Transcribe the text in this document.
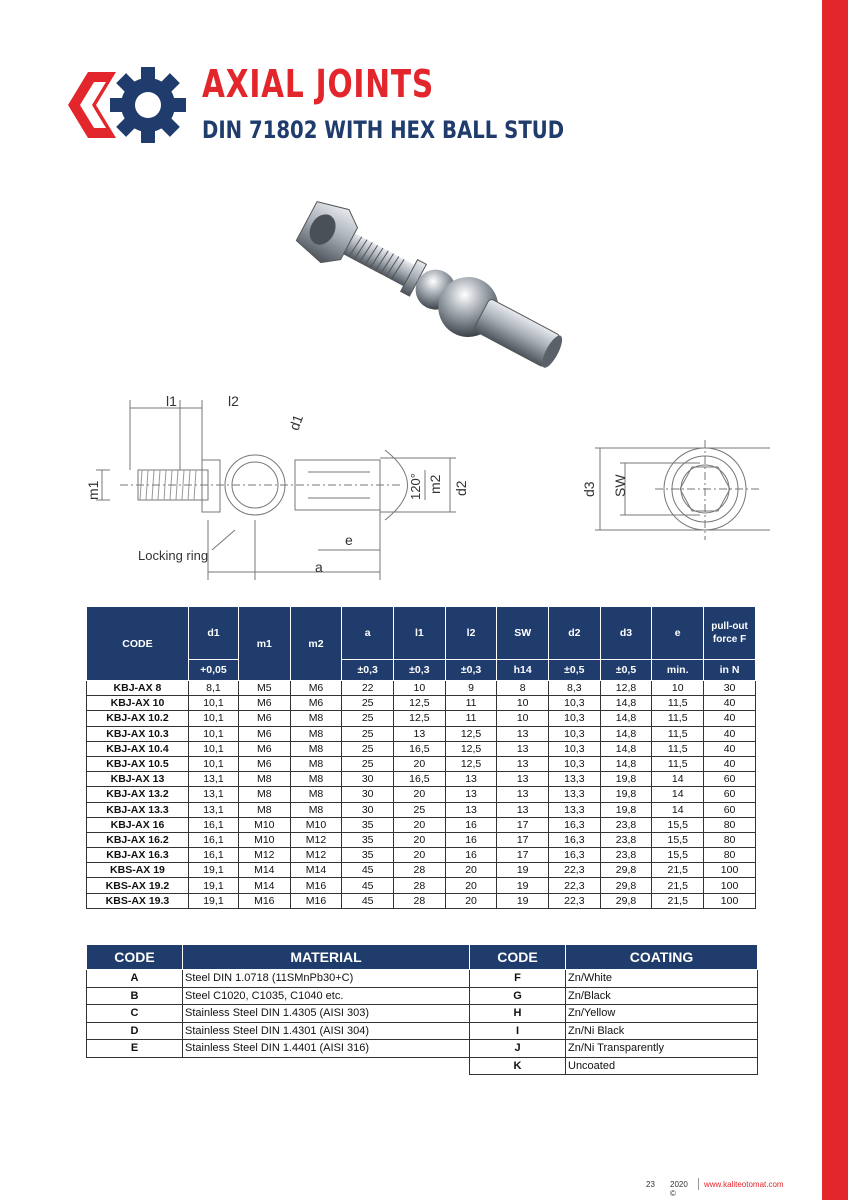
AXIAL JOINTS
DIN 71802 WITH HEX BALL STUD
l1	l2
d1
m1	m2 d2
120°
e
a
Locking ring
d3 SW
CODE	d1	m1	m2	a	l1	l2	SW	d2	d3	e	pull-out force F
	+0,05			±0,3	±0,3	±0,3	h14	±0,5	±0,5	min.	in N
KBJ-AX 8	8,1	M5	M6	22	10	9	8	8,3	12,8	10	30
KBJ-AX 10	10,1	M6	M6	25	12,5	11	10	10,3	14,8	11,5	40
KBJ-AX 10.2	10,1	M6	M8	25	12,5	11	10	10,3	14,8	11,5	40
KBJ-AX 10.3	10,1	M6	M8	25	13	12,5	13	10,3	14,8	11,5	40
KBJ-AX 10.4	10,1	M6	M8	25	16,5	12,5	13	10,3	14,8	11,5	40
KBJ-AX 10.5	10,1	M6	M8	25	20	12,5	13	10,3	14,8	11,5	40
KBJ-AX 13	13,1	M8	M8	30	16,5	13	13	13,3	19,8	14	60
KBJ-AX 13.2	13,1	M8	M8	30	20	13	13	13,3	19,8	14	60
KBJ-AX 13.3	13,1	M8	M8	30	25	13	13	13,3	19,8	14	60
KBJ-AX 16	16,1	M10	M10	35	20	16	17	16,3	23,8	15,5	80
KBJ-AX 16.2	16,1	M10	M12	35	20	16	17	16,3	23,8	15,5	80
KBJ-AX 16.3	16,1	M12	M12	35	20	16	17	16,3	23,8	15,5	80
KBS-AX 19	19,1	M14	M14	45	28	20	19	22,3	29,8	21,5	100
KBS-AX 19.2	19,1	M14	M16	45	28	20	19	22,3	29,8	21,5	100
KBS-AX 19.3	19,1	M16	M16	45	28	20	19	22,3	29,8	21,5	100
CODE	MATERIAL	CODE	COATING
A	Steel DIN 1.0718 (11SMnPb30+C)	F	Zn/White
B	Steel C1020, C1035, C1040 etc.	G	Zn/Black
C	Stainless Steel DIN 1.4305 (AISI 303)	H	Zn/Yellow
D	Stainless Steel DIN 1.4301 (AISI 304)	I	Zn/Ni Black
E	Stainless Steel DIN 1.4401 (AISI 316)	J	Zn/Ni Transparently
		K	Uncoated
23 2020 ©
www.kaliteotomat.com
